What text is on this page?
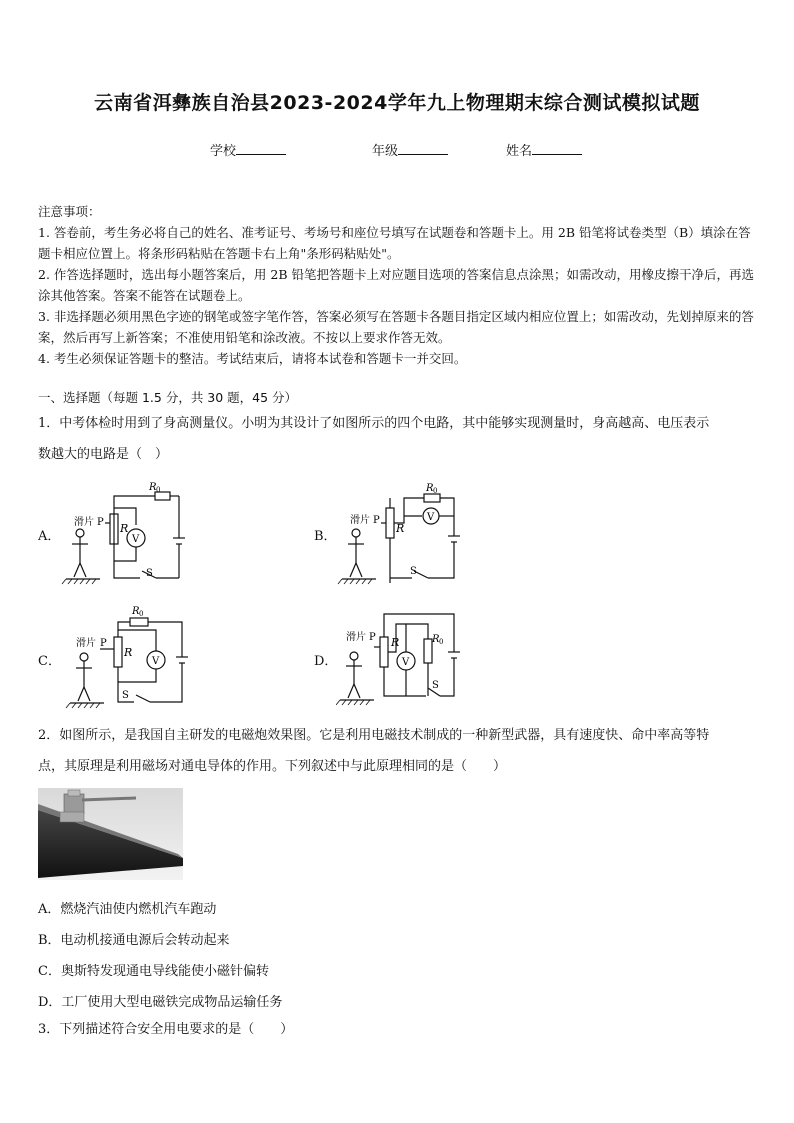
云南省洱彝族自治县2023-2024学年九上物理期末综合测试模拟试题
学校	年级	姓名
注意事项：
1. 答卷前，考生务必将自己的姓名、准考证号、考场号和座位号填写在试题卷和答题卡上。用 2B 铅笔将试卷类型（B）填涂在答题卡相应位置上。将条形码粘贴在答题卡右上角"条形码粘贴处"。
2. 作答选择题时，选出每小题答案后，用 2B 铅笔把答题卡上对应题目选项的答案信息点涂黑；如需改动，用橡皮擦干净后，再选涂其他答案。答案不能答在试题卷上。
3. 非选择题必须用黑色字迹的钢笔或签字笔作答，答案必须写在答题卡各题目指定区域内相应位置上；如需改动，先划掉原来的答案，然后再写上新答案；不准使用铅笔和涂改液。不按以上要求作答无效。
4. 考生必须保证答题卡的整洁。考试结束后，请将本试卷和答题卡一并交回。
一、选择题（每题 1.5 分，共 30 题，45 分）
1．中考体检时用到了身高测量仪。小明为其设计了如图所示的四个电路，其中能够实现测量时，身高越高、电压表示
数越大的电路是（　）
A．	B．
C．	D．
滑片 P R
R 0
V
S
滑片 P
R
R 0
V
S
滑片 P
R
R 0
V
S
滑片 P R	R 0
V
S
2．如图所示，是我国自主研发的电磁炮效果图。它是利用电磁技术制成的一种新型武器，具有速度快、命中率高等特
点，其原理是利用磁场对通电导体的作用。下列叙述中与此原理相同的是（　　）
A．燃烧汽油使内燃机汽车跑动
B．电动机接通电源后会转动起来
C．奥斯特发现通电导线能使小磁针偏转
D．工厂使用大型电磁铁完成物品运输任务
3．下列描述符合安全用电要求的是（　　）
